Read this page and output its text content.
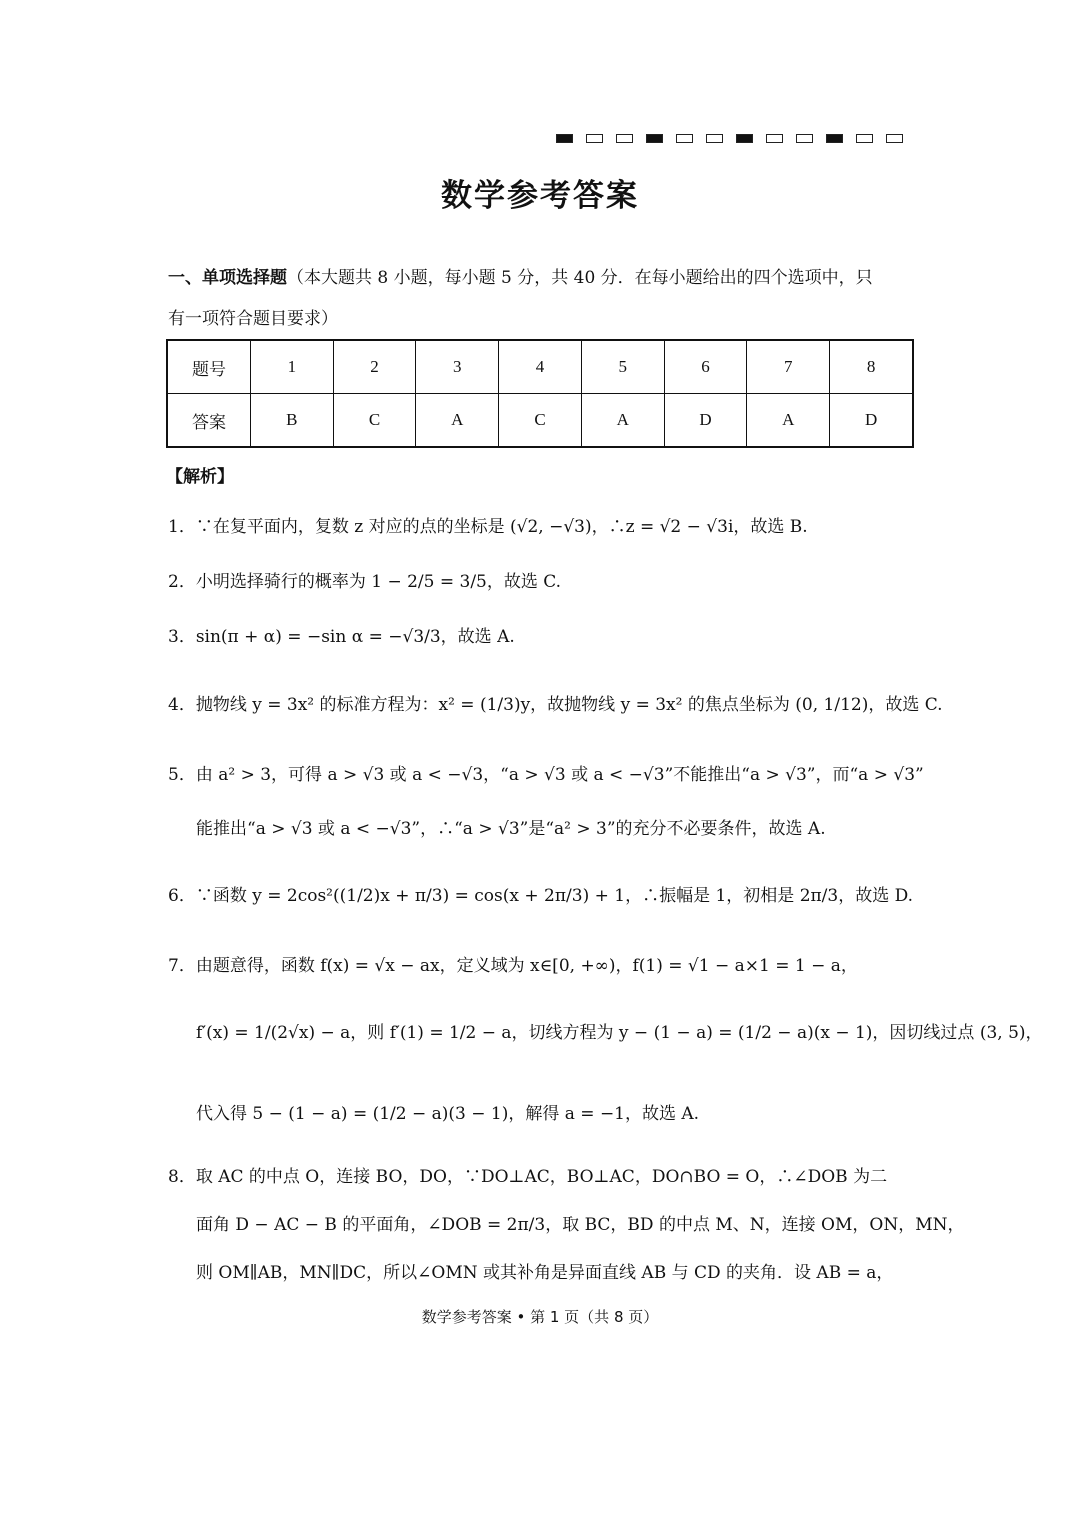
数学参考答案
一、单项选择题（本大题共 8 小题，每小题 5 分，共 40 分．在每小题给出的四个选项中，只
有一项符合题目要求）
题号	1	2	3	4	5	6	7	8
答案	B	C	A	C	A	D	A	D
【解析】
1．∵在复平面内，复数 z 对应的点的坐标是 (√2, −√3)，∴z = √2 − √3i，故选 B.
2．小明选择骑行的概率为 1 − 2/5 = 3/5，故选 C.
3．sin(π + α) = −sin α = −√3/3，故选 A.
4．抛物线 y = 3x² 的标准方程为：x² = (1/3)y，故抛物线 y = 3x² 的焦点坐标为 (0, 1/12)，故选 C.
5．由 a² > 3，可得 a > √3 或 a < −√3，“a > √3 或 a < −√3”不能推出“a > √3”，而“a > √3”
能推出“a > √3 或 a < −√3”，∴“a > √3”是“a² > 3”的充分不必要条件，故选 A.
6．∵函数 y = 2cos²((1/2)x + π/3) = cos(x + 2π/3) + 1，∴振幅是 1，初相是 2π/3，故选 D.
7．由题意得，函数 f(x) = √x − ax，定义域为 x∈[0, +∞)，f(1) = √1 − a×1 = 1 − a，
f′(x) = 1/(2√x) − a，则 f′(1) = 1/2 − a，切线方程为 y − (1 − a) = (1/2 − a)(x − 1)，因切线过点 (3, 5)，
代入得 5 − (1 − a) = (1/2 − a)(3 − 1)，解得 a = −1，故选 A.
8．取 AC 的中点 O，连接 BO，DO，∵DO⊥AC，BO⊥AC，DO∩BO = O，∴∠DOB 为二
面角 D − AC − B 的平面角，∠DOB = 2π/3，取 BC，BD 的中点 M、N，连接 OM，ON，MN，
则 OM∥AB，MN∥DC，所以∠OMN 或其补角是异面直线 AB 与 CD 的夹角．设 AB = a，
数学参考答案 • 第 1 页（共 8 页）
